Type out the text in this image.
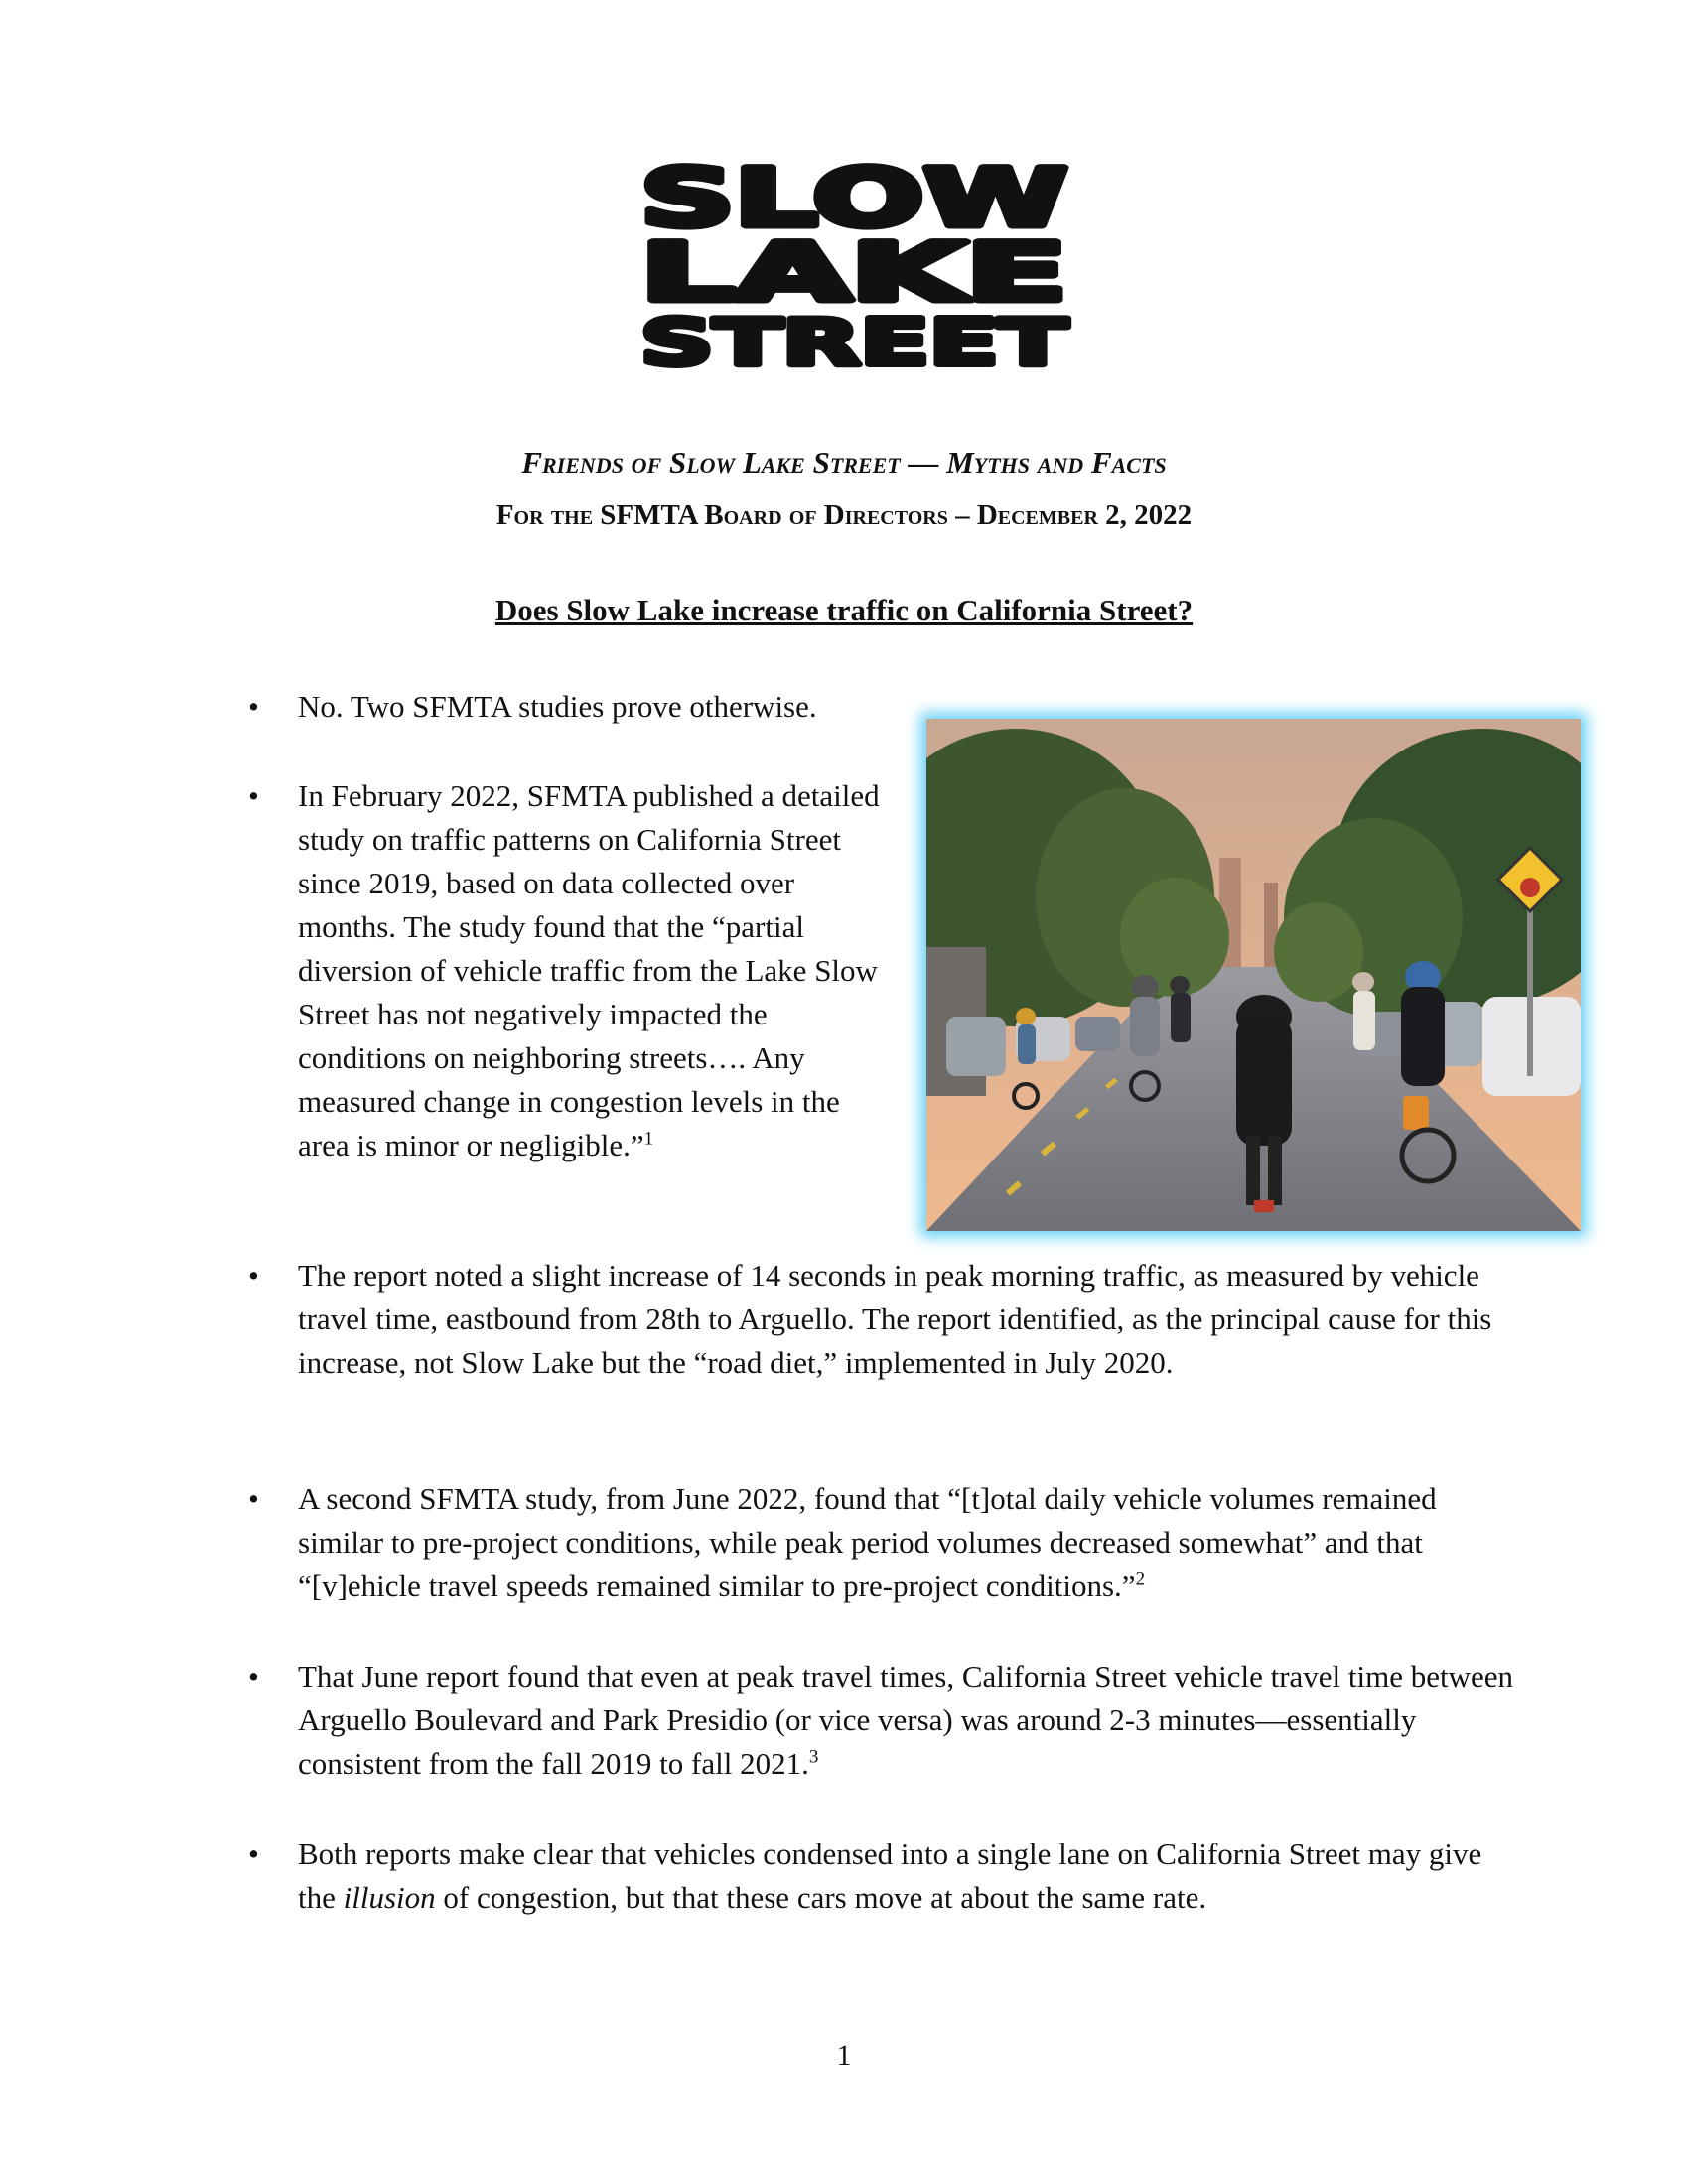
SLOW
LAKE
STREET
Friends of Slow Lake Street — Myths and Facts
For the SFMTA Board of Directors – December 2, 2022
Does Slow Lake increase traffic on California Street?
• No. Two SFMTA studies prove otherwise.
• In February 2022, SFMTA published a detailed study on traffic patterns on California Street since 2019, based on data collected over months. The study found that the “partial diversion of vehicle traffic from the Lake Slow Street has not negatively impacted the conditions on neighboring streets…. Any measured change in congestion levels in the area is minor or negligible.”$^1$
• The report noted a slight increase of 14 seconds in peak morning traffic, as measured by vehicle travel time, eastbound from 28th to Arguello. The report identified, as the principal cause for this increase, not Slow Lake but the “road diet,” implemented in July 2020.
• A second SFMTA study, from June 2022, found that “[t]otal daily vehicle volumes remained similar to pre-project conditions, while peak period volumes decreased somewhat” and that “[v]ehicle travel speeds remained similar to pre-project conditions.”$^2$
• That June report found that even at peak travel times, California Street vehicle travel time between Arguello Boulevard and Park Presidio (or vice versa) was around 2-3 minutes—essentially consistent from the fall 2019 to fall 2021.$^3$
• Both reports make clear that vehicles condensed into a single lane on California Street may give the illusion of congestion, but that these cars move at about the same rate.
1
